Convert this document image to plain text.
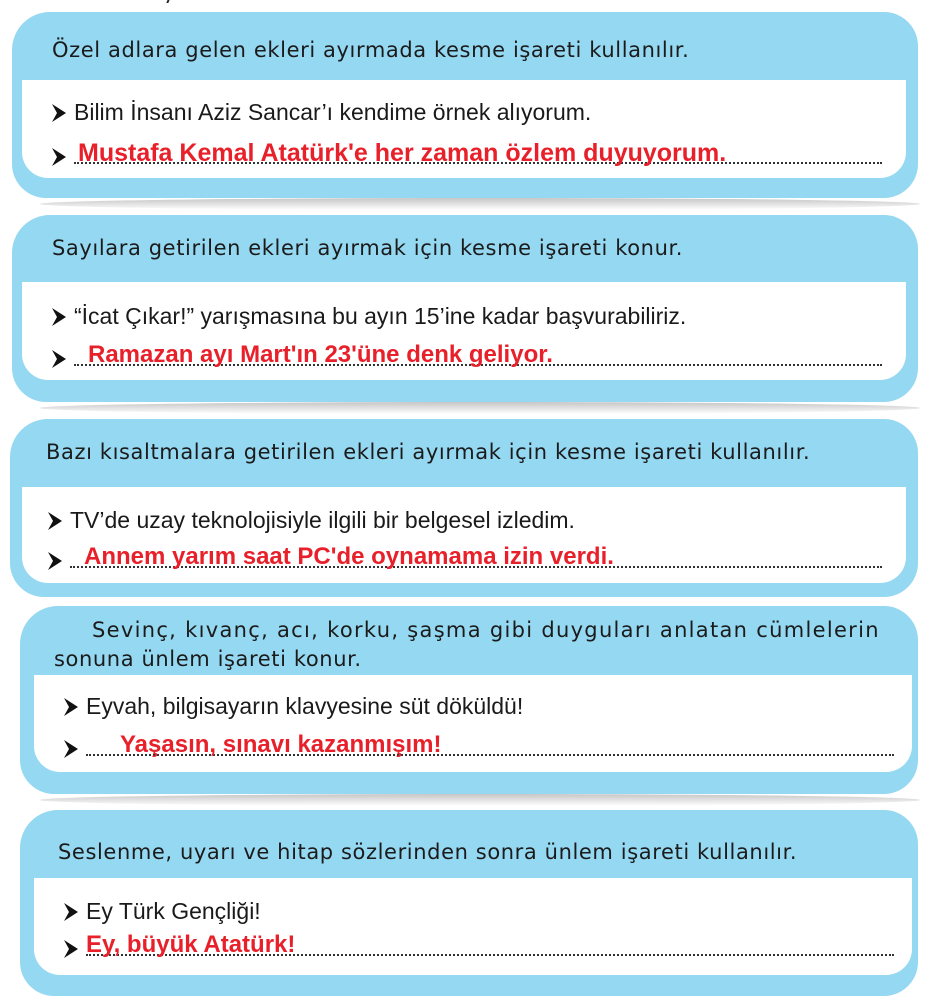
Özel adlara gelen ekleri ayırmada kesme işareti kullanılır.
Bilim İnsanı Aziz Sancar’ı kendime örnek alıyorum.
Mustafa Kemal Atatürk'e her zaman özlem duyuyorum.
Sayılara getirilen ekleri ayırmak için kesme işareti konur.
“İcat Çıkar!” yarışmasına bu ayın 15’ine kadar başvurabiliriz.
Ramazan ayı Mart'ın 23'üne denk geliyor.
Bazı kısaltmalara getirilen ekleri ayırmak için kesme işareti kullanılır.
TV’de uzay teknolojisiyle ilgili bir belgesel izledim.
Annem yarım saat PC'de oynamama izin verdi.
Sevinç, kıvanç, acı, korku, şaşma gibi duyguları anlatan cümlelerin
sonuna ünlem işareti konur.
Eyvah, bilgisayarın klavyesine süt döküldü!
Yaşasın, sınavı kazanmışım!
Seslenme, uyarı ve hitap sözlerinden sonra ünlem işareti kullanılır.
Ey Türk Gençliği!
Ey, büyük Atatürk!
